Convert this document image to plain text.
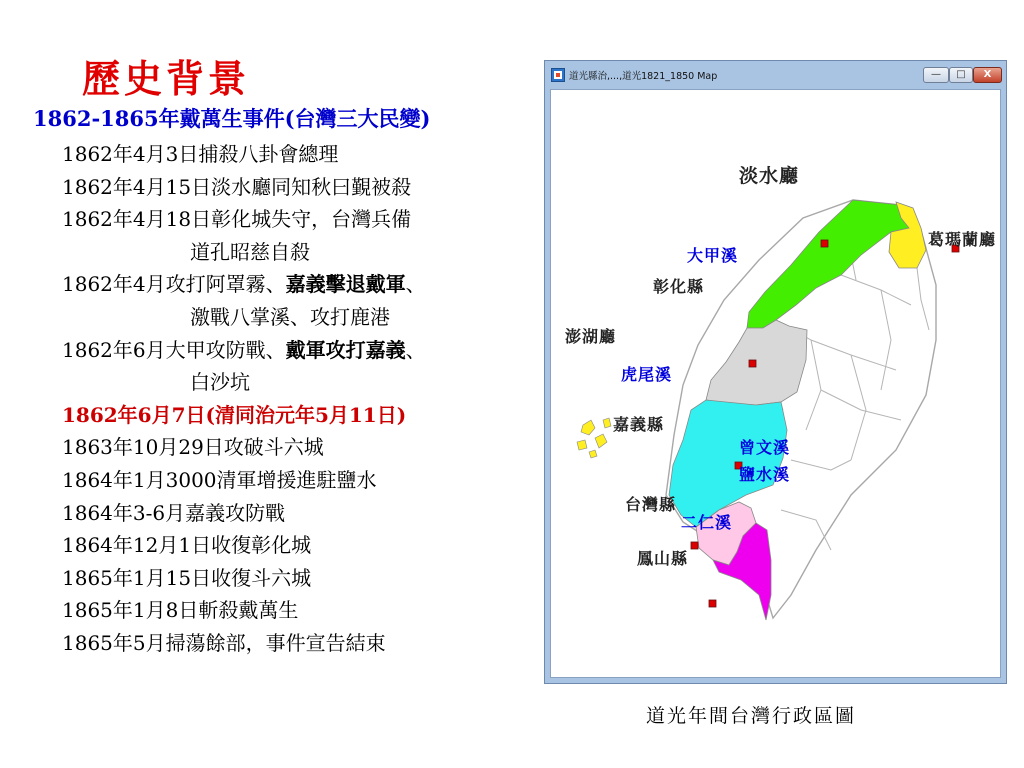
歷史背景
1862-1865年戴萬生事件(台灣三大民變)
1862年4月3日捕殺八卦會總理
1862年4月15日淡水廳同知秋曰覲被殺
1862年4月18日彰化城失守，台灣兵備
道孔昭慈自殺
1862年4月攻打阿罩霧、嘉義擊退戴軍、
激戰八掌溪、攻打鹿港
1862年6月大甲攻防戰、戴軍攻打嘉義、
白沙坑
1862年6月7日(清同治元年5月11日)
1863年10月29日攻破斗六城
1864年1月3000清軍增援進駐鹽水
1864年3-6月嘉義攻防戰
1864年12月1日收復彰化城
1865年1月15日收復斗六城
1865年1月8日斬殺戴萬生
1865年5月掃蕩餘部，事件宣告結束
道光縣治,...,道光1821_1850 Map	—	□	X
淡水廳
葛瑪蘭廳
大甲溪
彰化縣
澎湖廳
虎尾溪
嘉義縣
曾文溪
鹽水溪
台灣縣
二仁溪
鳳山縣
道光年間台灣行政區圖
